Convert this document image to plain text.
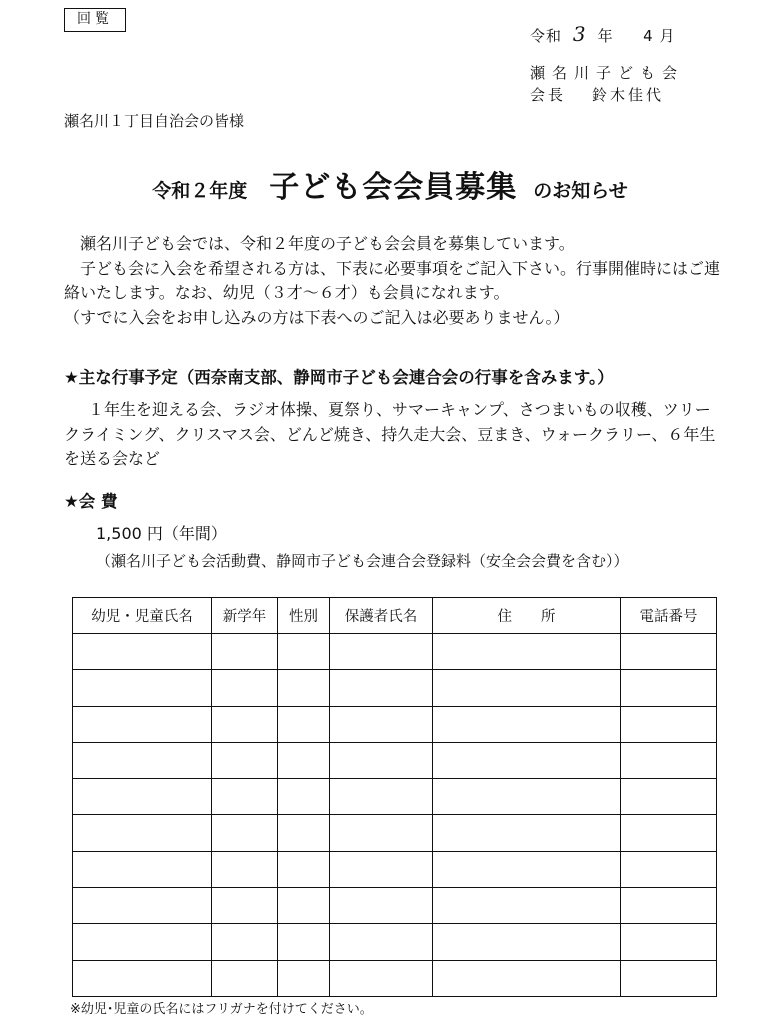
回覧
令和 3 年 4 月
瀬名川子ども会
会長 鈴木佳代
瀬名川１丁目自治会の皆様
令和２年度 子ども会会員募集 のお知らせ

瀬名川子ども会では、令和２年度の子ども会会員を募集しています。

子ども会に入会を希望される方は、下表に必要事項をご記入下さい。行事開催時にはご連絡いたします。なお、幼児（３才～６才）も会員になれます。

（すでに入会をお申し込みの方は下表へのご記入は必要ありません。）

★主な行事予定（西奈南支部、静岡市子ども会連合会の行事を含みます。）

１年生を迎える会、ラジオ体操、夏祭り、サマーキャンプ、さつまいもの収穫、ツリークライミング、クリスマス会、どんど焼き、持久走大会、豆まき、ウォークラリー、６年生を送る会など

★会 費
1,500 円（年間）
（瀬名川子ども会活動費、静岡市子ども会連合会登録料（安全会会費を含む））
幼児・児童氏名	新学年	性別	保護者氏名	住　　所	電話番号

※幼児･児童の氏名にはフリガナを付けてください。
